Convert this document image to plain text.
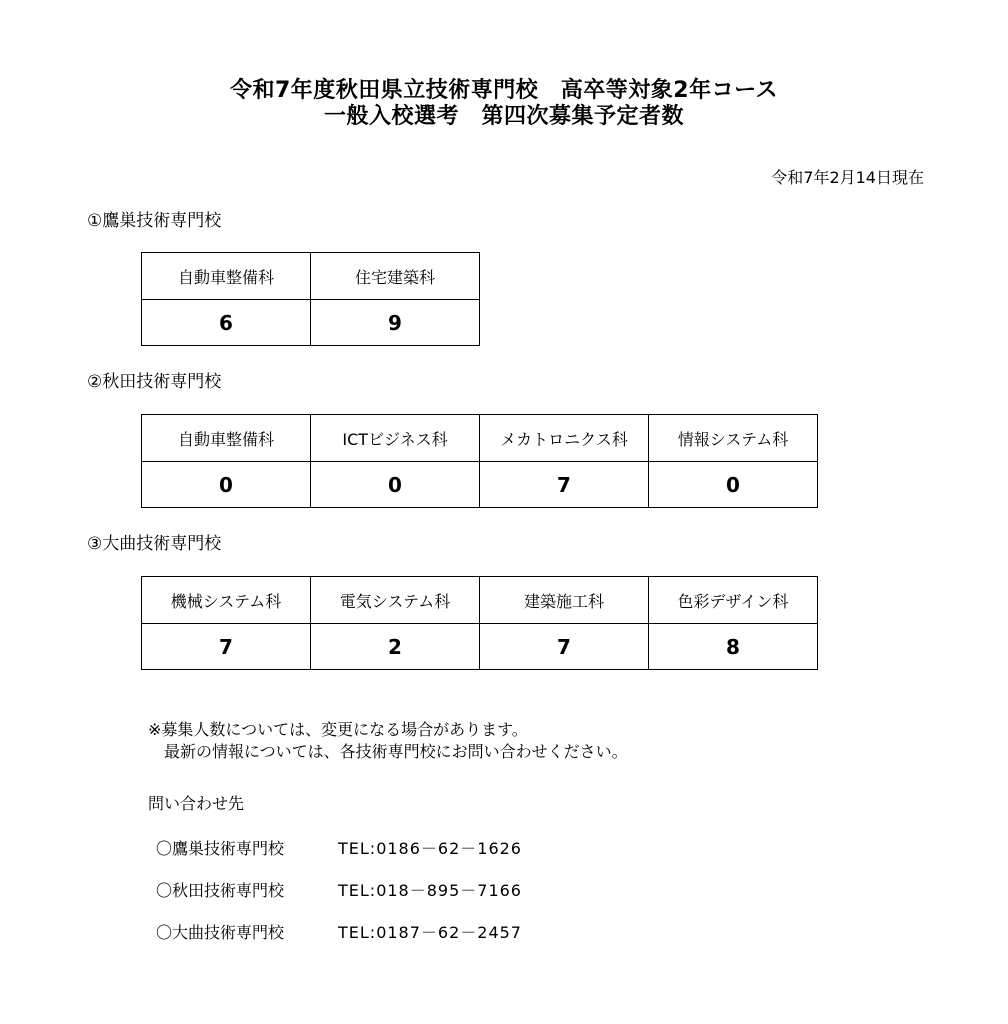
令和7年度秋田県立技術専門校　高卒等対象2年コース
一般入校選考　第四次募集予定者数
令和7年2月14日現在
①鷹巣技術専門校
自動車整備科	住宅建築科
6	9
②秋田技術専門校
自動車整備科	ICTビジネス科	メカトロニクス科	情報システム科
0	0	7	0
③大曲技術専門校
機械システム科	電気システム科	建築施工科	色彩デザイン科
7	2	7	8
※募集人数については、変更になる場合があります。
最新の情報については、各技術専門校にお問い合わせください。
問い合わせ先
〇鷹巣技術専門校	TEL:0186－62－1626
〇秋田技術専門校	TEL:018－895－7166
〇大曲技術専門校	TEL:0187－62－2457
